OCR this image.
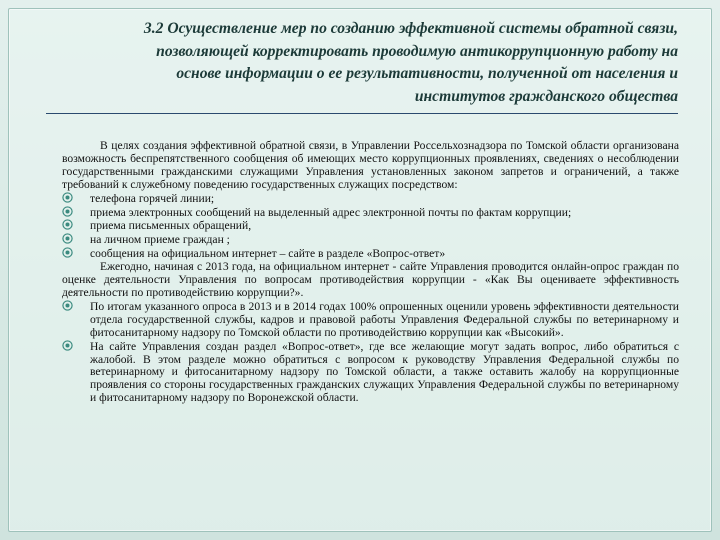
3.2 Осуществление мер по созданию эффективной системы обратной связи,
позволяющей корректировать проводимую антикоррупционную работу на
основе информации о ее результативности, полученной от населения и
институтов гражданского общества

В целях создания эффективной обратной связи, в Управлении Россельхознадзора по Томской области организована возможность беспрепятственного сообщения об имеющих место коррупционных проявлениях, сведениях о несоблюдении государственными гражданскими служащими Управления установленных законом запретов и ограничений, а также требований к служебному поведению государственных служащих посредством:

телефона горячей линии;

приема электронных сообщений на выделенный адрес электронной почты по фактам коррупции;

приема письменных обращений,

на личном приеме граждан ;

сообщения на официальном интернет – сайте в разделе «Вопрос-ответ»

Ежегодно, начиная с 2013 года, на официальном интернет - сайте Управления проводится онлайн-опрос граждан по оценке деятельности Управления по вопросам противодействия коррупции - «Как Вы оцениваете эффективность деятельности по противодействию коррупции?».

По итогам указанного опроса в 2013 и в 2014 годах 100% опрошенных оценили уровень эффективности деятельности отдела государственной службы, кадров и правовой работы Управления Федеральной службы по ветеринарному и фитосанитарному надзору по Томской области по противодействию коррупции как «Высокий».

На сайте Управления создан раздел «Вопрос-ответ», где все желающие могут задать вопрос, либо обратиться с жалобой. В этом разделе можно обратиться с вопросом к руководству Управления Федеральной службы по ветеринарному и фитосанитарному надзору по Томской области, а также оставить жалобу на коррупционные проявления со стороны государственных гражданских служащих Управления Федеральной службы по ветеринарному и фитосанитарному надзору по Воронежской области.
